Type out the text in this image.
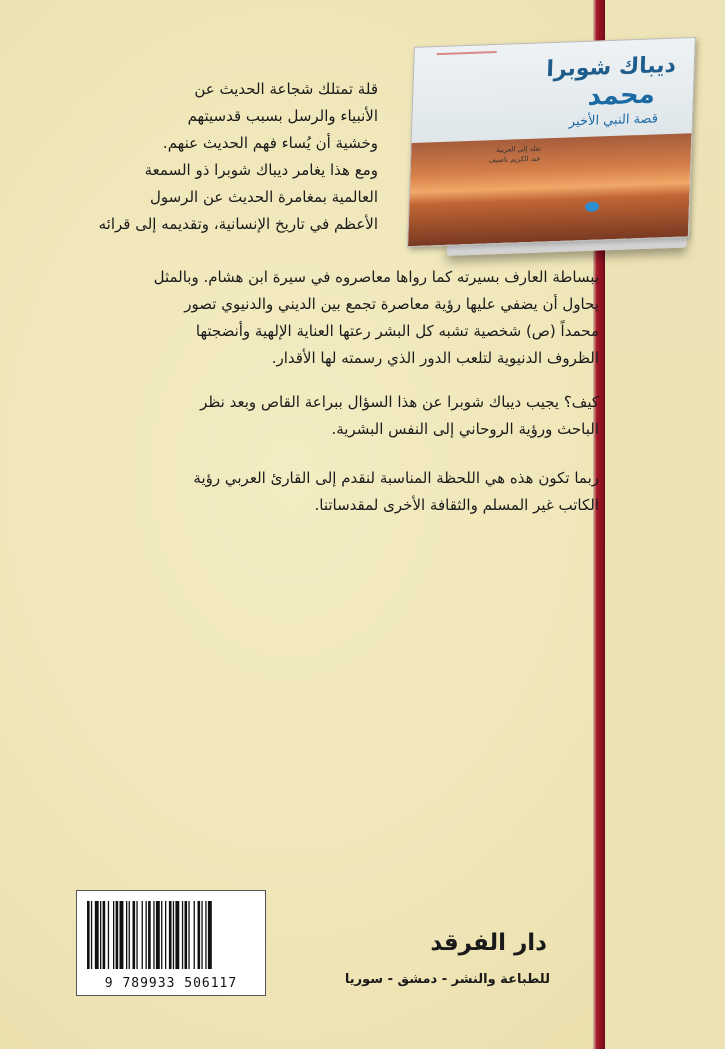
ديباك شوبرا
محمد
قصة النبي الأخير
نقله إلى العربية
عبد الكريم ناصيف
قلة تمتلك شجاعة الحديث عن
الأنبياء والرسل بسبب قدسيتهم
وخشية أن يُساء فهم الحديث عنهم.
ومع هذا يغامر ديباك شوبرا ذو السمعة
العالمية بمغامرة الحديث عن الرسول
الأعظم في تاريخ الإنسانية، وتقديمه إلى قرائه
ببساطة العارف بسيرته كما رواها معاصروه في سيرة ابن هشام. وبالمثل
يحاول أن يضفي عليها رؤية معاصرة تجمع بين الديني والدنيوي تصور
محمداً (ص) شخصية تشبه كل البشر رعتها العناية الإلهية وأنضجتها
الظروف الدنيوية لتلعب الدور الذي رسمته لها الأقدار.
كيف؟ يجيب ديباك شوبرا عن هذا السؤال ببراعة القاص وبعد نظر
الباحث ورؤية الروحاني إلى النفس البشرية.
ربما تكون هذه هي اللحظة المناسبة لنقدم إلى القارئ العربي رؤية
الكاتب غير المسلم والثقافة الأخرى لمقدساتنا.
9 789933 506117
دار الفرقد
للطباعة والنشر - دمشق - سوريا
